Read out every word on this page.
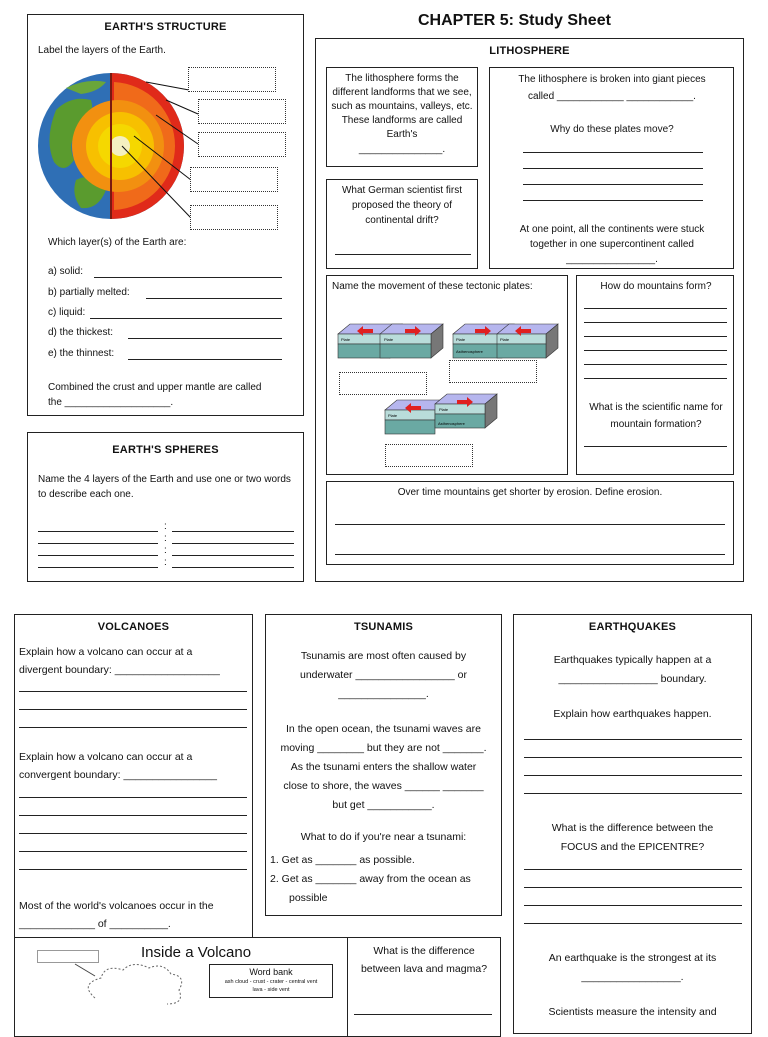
CHAPTER 5: Study Sheet
EARTH'S STRUCTURE
Label the layers of the Earth.
Which layer(s) of the Earth are:
a) solid:
b) partially melted:
c) liquid:
d) the thickest:
e) the thinnest:
Combined the crust and upper mantle are called
the ___________________.
EARTH'S SPHERES
Name the 4 layers of the Earth and use one or two words to describe each one.
:
:
:
:
LITHOSPHERE
The lithosphere forms the different landforms that we see, such as mountains, valleys, etc. These landforms are called Earth's
_______________.
The lithosphere is broken into giant pieces
called ____________ ____________.
Why do these plates move?
At one point, all the continents were stuck together in one supercontinent called
________________.
What German scientist first proposed the theory of continental drift?
Name the movement of these tectonic plates:
Plate	Plate	Plate	Plate
Asthenosphere
Plate
Plate
Asthenosphere
How do mountains form?
What is the scientific name for mountain formation?
Over time mountains get shorter by erosion. Define erosion.
VOLCANOES
Explain how a volcano can occur at a
divergent boundary: __________________
Explain how a volcano can occur at a
convergent boundary: ________________
Most of the world's volcanoes occur in the
_____________ of __________.
Inside a Volcano
Word bank
ash cloud - crust - crater - central vent
lava - side vent
What is the difference between lava and magma?
TSUNAMIS
Tsunamis are most often caused by
underwater _________________ or
_______________.
In the open ocean, the tsunami waves are
moving ________ but they are not _______.
As the tsunami enters the shallow water
close to shore, the waves ______ _______
but get ___________.
What to do if you're near a tsunami:
1. Get as _______ as possible.
2. Get as _______ away from the ocean as
possible
EARTHQUAKES
Earthquakes typically happen at a
_________________ boundary.
Explain how earthquakes happen.
What is the difference between the
FOCUS and the EPICENTRE?
An earthquake is the strongest at its
_________________.
Scientists measure the intensity and
